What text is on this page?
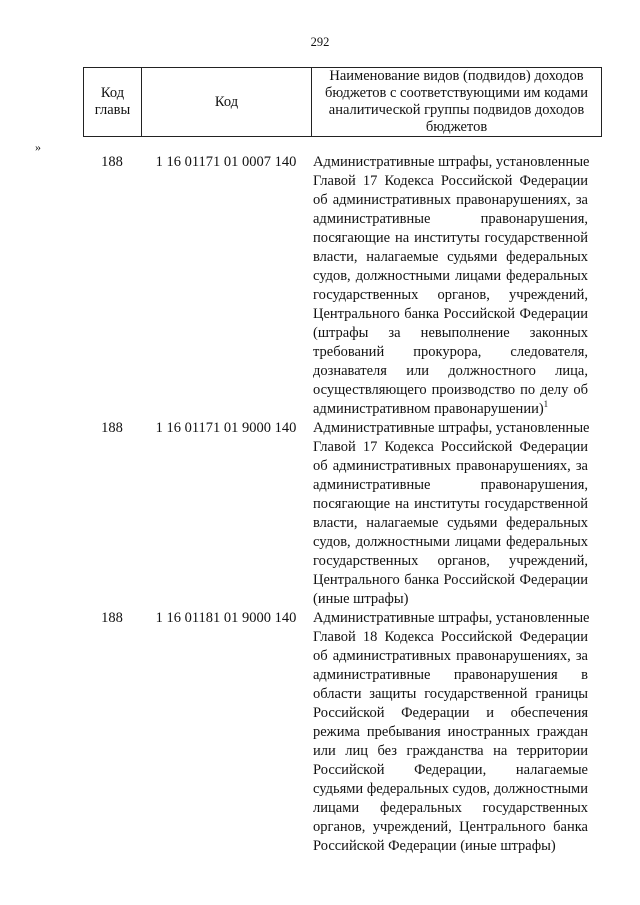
292
Код главы	Код	Наименование видов (подвидов) доходов бюджетов с соответствующими им кодами аналитической группы подвидов доходов бюджетов
»
188	1 16 01171 01 0007 140	Административные штрафы, установленные
Главой 17 Кодекса Российской Федерации
об административных правонарушениях, за
административные правонарушения,
посягающие на институты государственной
власти, налагаемые судьями федеральных
судов, должностными лицами федеральных
государственных органов, учреждений,
Центрального банка Российской Федерации
(штрафы за невыполнение законных
требований прокурора, следователя,
дознавателя или должностного лица,
осуществляющего производство по делу об
административном правонарушении)$^1$
188	1 16 01171 01 9000 140	Административные штрафы, установленные
Главой 17 Кодекса Российской Федерации
об административных правонарушениях, за
административные правонарушения,
посягающие на институты государственной
власти, налагаемые судьями федеральных
судов, должностными лицами федеральных
государственных органов, учреждений,
Центрального банка Российской Федерации
(иные штрафы)
188	1 16 01181 01 9000 140	Административные штрафы, установленные
Главой 18 Кодекса Российской Федерации
об административных правонарушениях, за
административные правонарушения в
области защиты государственной границы
Российской Федерации и обеспечения
режима пребывания иностранных граждан
или лиц без гражданства на территории
Российской Федерации, налагаемые
судьями федеральных судов, должностными
лицами федеральных государственных
органов, учреждений, Центрального банка
Российской Федерации (иные штрафы)
